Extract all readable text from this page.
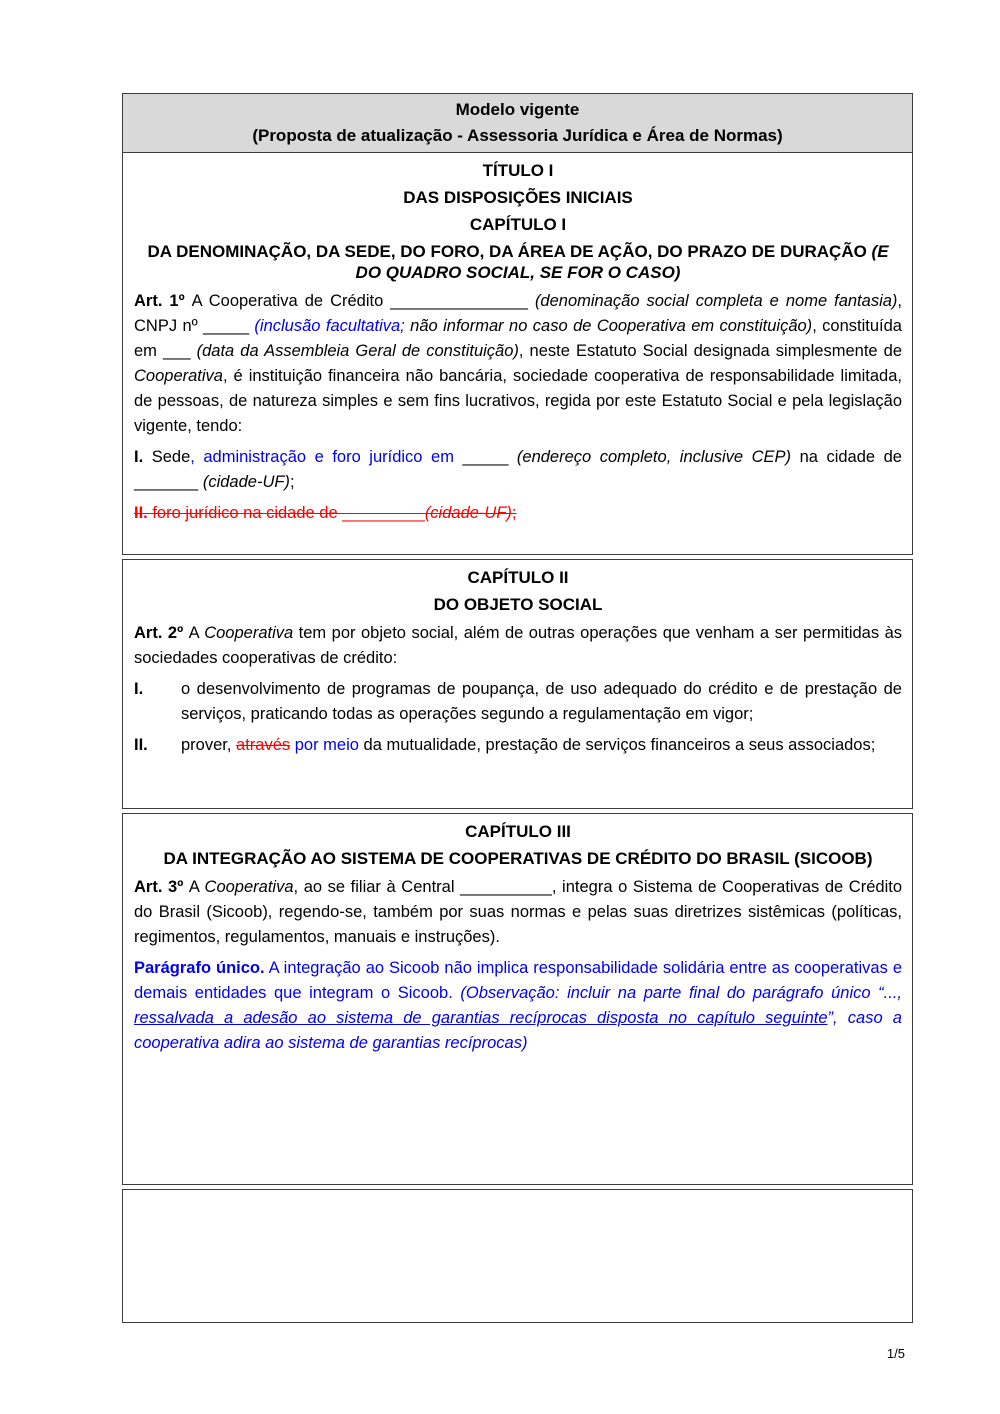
Modelo vigente
(Proposta de atualização - Assessoria Jurídica e Área de Normas)
TÍTULO I
DAS DISPOSIÇÕES INICIAIS
CAPÍTULO I
DA DENOMINAÇÃO, DA SEDE, DO FORO, DA ÁREA DE AÇÃO, DO PRAZO DE DURAÇÃO (E DO QUADRO SOCIAL, SE FOR O CASO)

Art. 1º A Cooperativa de Crédito _______________ (denominação social completa e nome fantasia), CNPJ nº _____ (inclusão facultativa; não informar no caso de Cooperativa em constituição), constituída em ___ (data da Assembleia Geral de constituição), neste Estatuto Social designada simplesmente de Cooperativa, é instituição financeira não bancária, sociedade cooperativa de responsabilidade limitada, de pessoas, de natureza simples e sem fins lucrativos, regida por este Estatuto Social e pela legislação vigente, tendo:

I. Sede, administração e foro jurídico em _____ (endereço completo, inclusive CEP) na cidade de _______ (cidade-UF);

II. foro jurídico na cidade de _________(cidade-UF);

CAPÍTULO II
DO OBJETO SOCIAL

Art. 2º A Cooperativa tem por objeto social, além de outras operações que venham a ser permitidas às sociedades cooperativas de crédito:

I.	o desenvolvimento de programas de poupança, de uso adequado do crédito e de prestação de serviços, praticando todas as operações segundo a regulamentação em vigor;
II.	prover, através por meio da mutualidade, prestação de serviços financeiros a seus associados;
CAPÍTULO III
DA INTEGRAÇÃO AO SISTEMA DE COOPERATIVAS DE CRÉDITO DO BRASIL (SICOOB)

Art. 3º A Cooperativa, ao se filiar à Central __________, integra o Sistema de Cooperativas de Crédito do Brasil (Sicoob), regendo-se, também por suas normas e pelas suas diretrizes sistêmicas (políticas, regimentos, regulamentos, manuais e instruções).

Parágrafo único. A integração ao Sicoob não implica responsabilidade solidária entre as cooperativas e demais entidades que integram o Sicoob. (Observação: incluir na parte final do parágrafo único “..., ressalvada a adesão ao sistema de garantias recíprocas disposta no capítulo seguinte”, caso a cooperativa adira ao sistema de garantias recíprocas)

1/5
